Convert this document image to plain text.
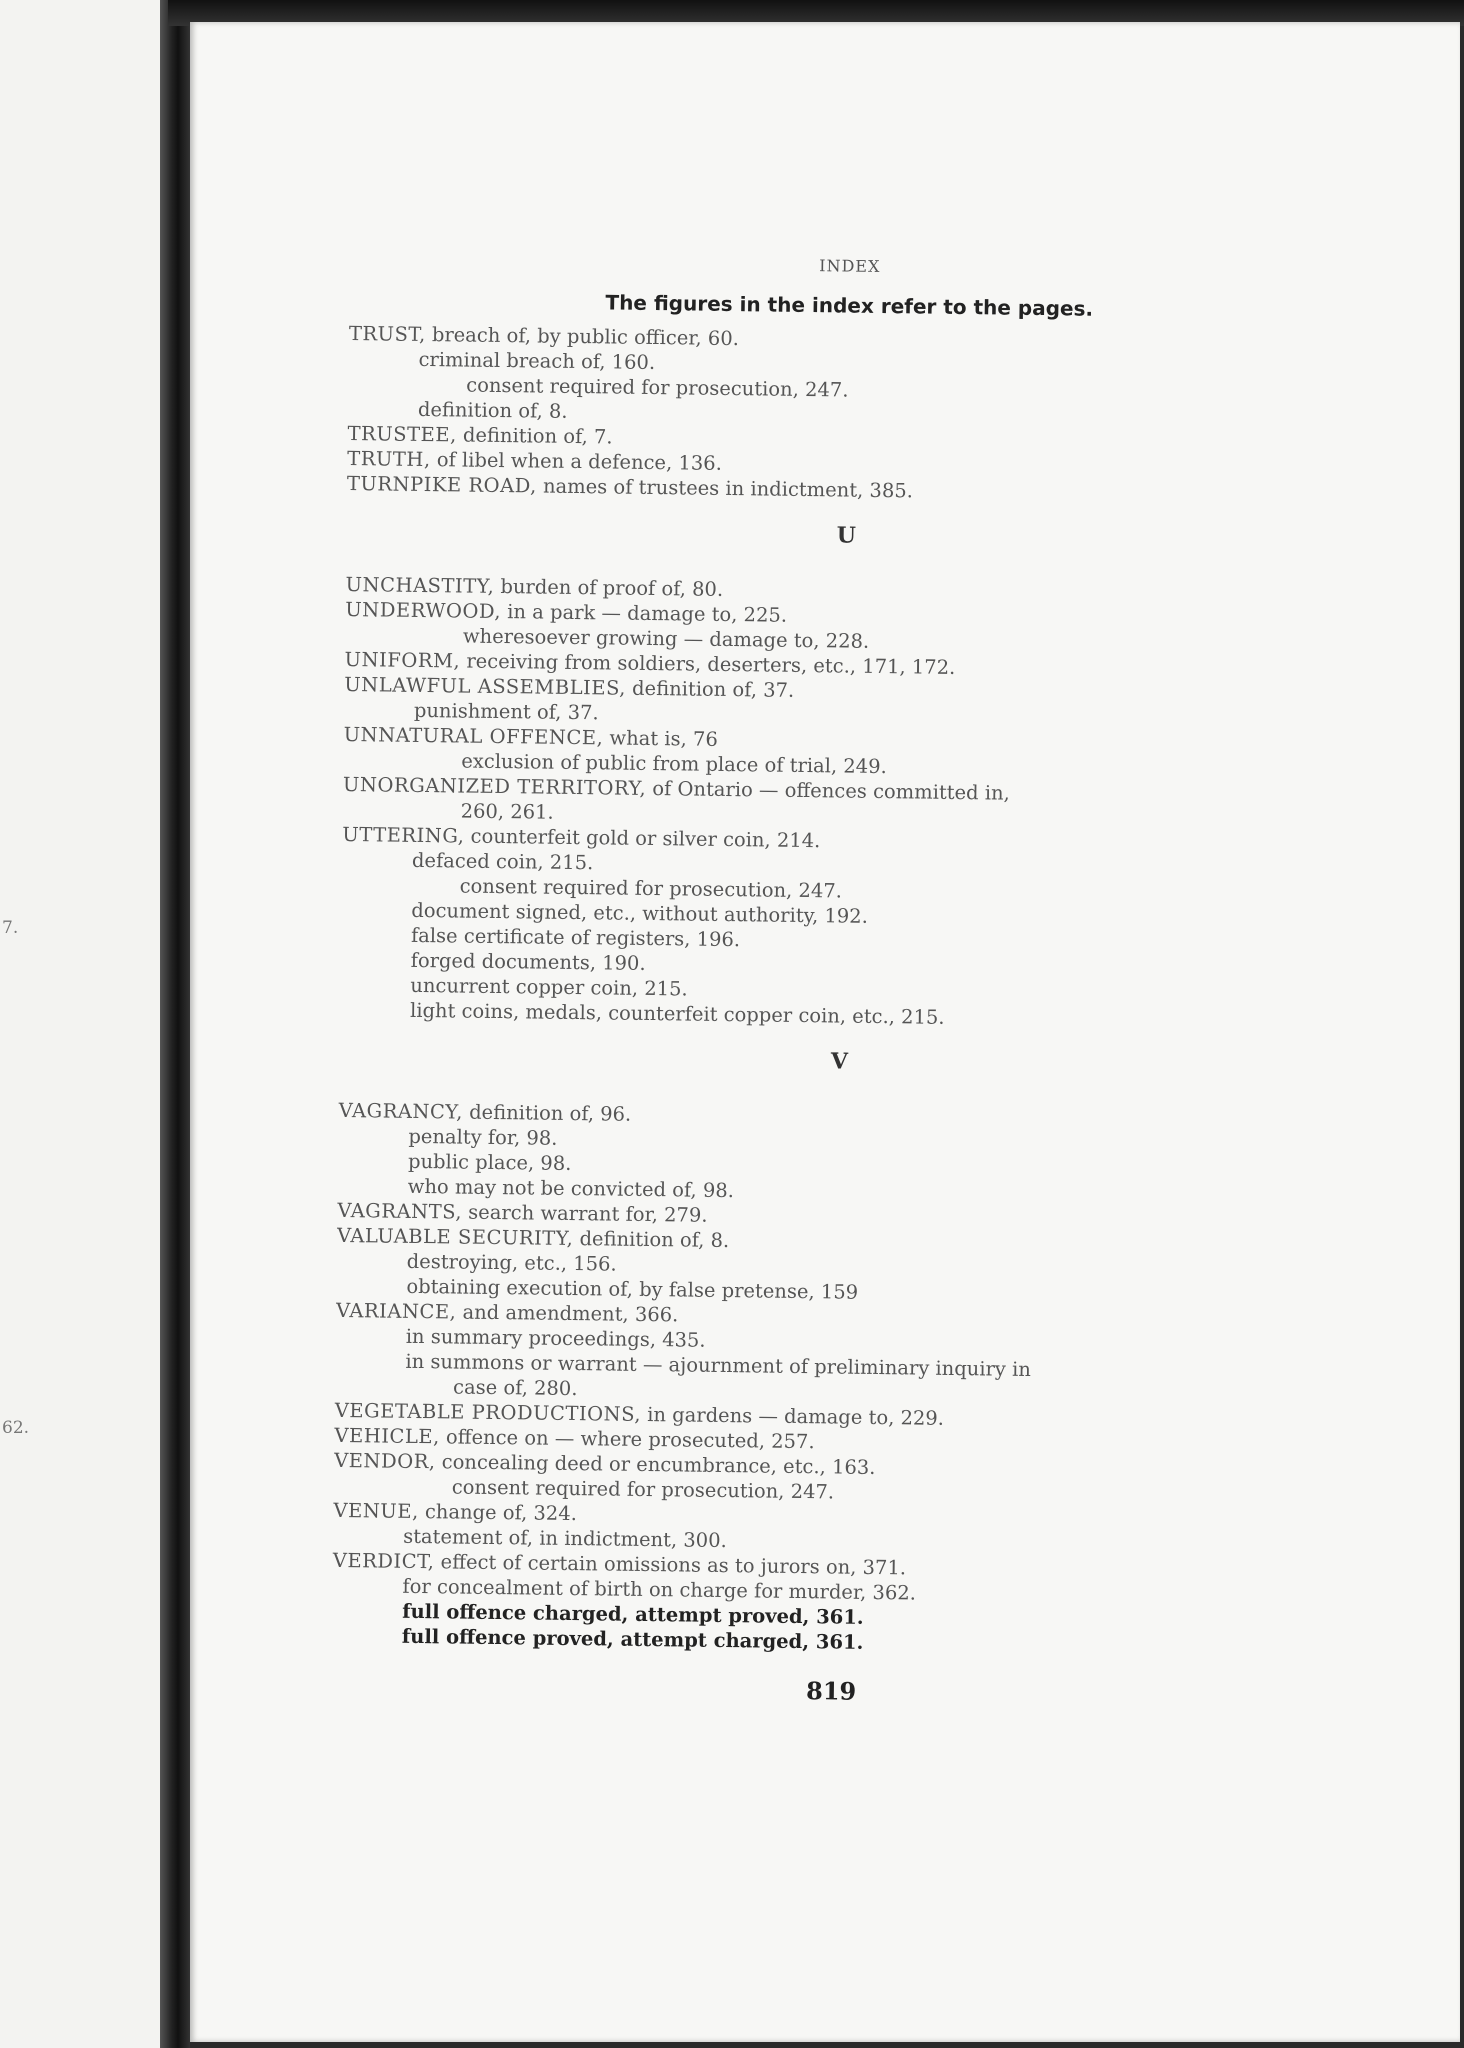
7.
62.
INDEX
The figures in the index refer to the pages.
TRUST, breach of, by public officer, 60.
criminal breach of, 160.
consent required for prosecution, 247.
definition of, 8.
TRUSTEE, definition of, 7.
TRUTH, of libel when a defence, 136.
TURNPIKE ROAD, names of trustees in indictment, 385.
U
UNCHASTITY, burden of proof of, 80.
UNDERWOOD, in a park — damage to, 225.
wheresoever growing — damage to, 228.
UNIFORM, receiving from soldiers, deserters, etc., 171, 172.
UNLAWFUL ASSEMBLIES, definition of, 37.
punishment of, 37.
UNNATURAL OFFENCE, what is, 76
exclusion of public from place of trial, 249.
UNORGANIZED TERRITORY, of Ontario — offences committed in,
260, 261.
UTTERING, counterfeit gold or silver coin, 214.
defaced coin, 215.
consent required for prosecution, 247.
document signed, etc., without authority, 192.
false certificate of registers, 196.
forged documents, 190.
uncurrent copper coin, 215.
light coins, medals, counterfeit copper coin, etc., 215.
V
VAGRANCY, definition of, 96.
penalty for, 98.
public place, 98.
who may not be convicted of, 98.
VAGRANTS, search warrant for, 279.
VALUABLE SECURITY, definition of, 8.
destroying, etc., 156.
obtaining execution of, by false pretense, 159
VARIANCE, and amendment, 366.
in summary proceedings, 435.
in summons or warrant — ajournment of preliminary inquiry in
case of, 280.
VEGETABLE PRODUCTIONS, in gardens — damage to, 229.
VEHICLE, offence on — where prosecuted, 257.
VENDOR, concealing deed or encumbrance, etc., 163.
consent required for prosecution, 247.
VENUE, change of, 324.
statement of, in indictment, 300.
VERDICT, effect of certain omissions as to jurors on, 371.
for concealment of birth on charge for murder, 362.
full offence charged, attempt proved, 361.
full offence proved, attempt charged, 361.
819
